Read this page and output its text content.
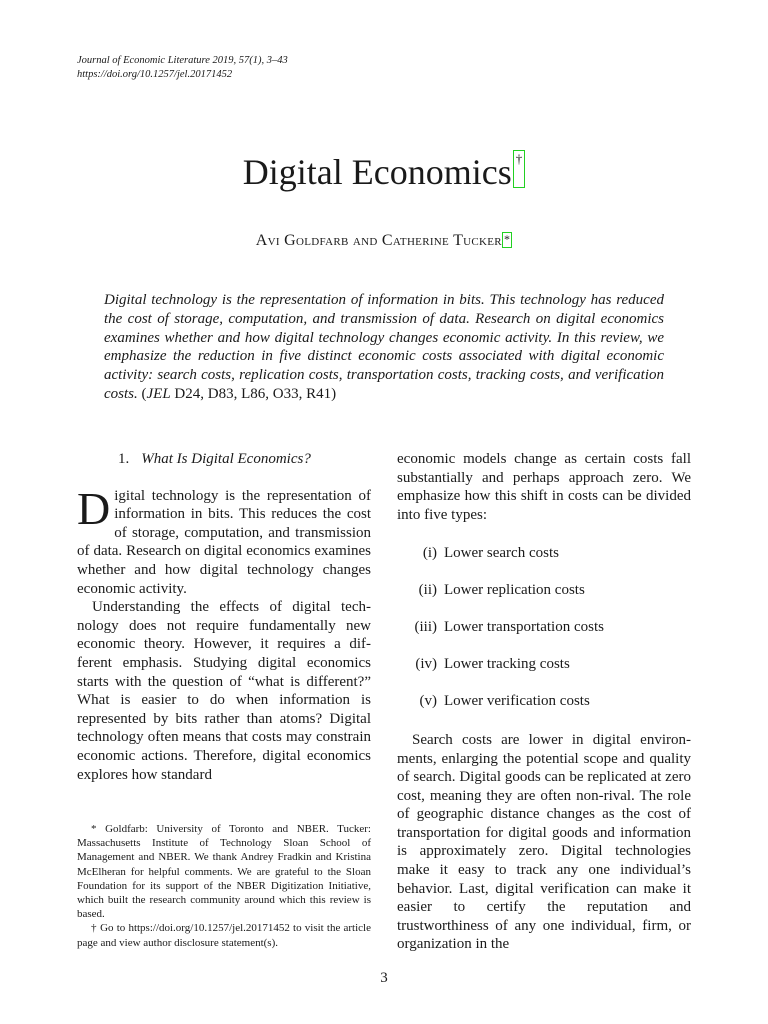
Journal of Economic Literature 2019, 57(1), 3–43
https://doi.org/10.1257/jel.20171452
Digital Economics †
Avi Goldfarb and Catherine Tucker *
Digital technology is the representation of information in bits. This technology has reduced the cost of storage, computation, and transmission of data. Research on digital economics examines whether and how digital technology changes economic activity. In this review, we emphasize the reduction in five distinct economic costs associated with digital economic activity: search costs, replication costs, transportation costs, tracking costs, and verification costs. (JEL D24, D83, L86, O33, R41)
1. What Is Digital Economics?

Digital technology is the representation of information in bits. This reduces the cost of storage, computation, and transmission of data. Research on digital economics examines whether and how digital technology changes economic activity.

Understanding the effects of digital technology does not require fundamentally new economic theory. However, it requires a different emphasis. Studying digital economics starts with the question of “what is different?” What is easier to do when information is represented by bits rather than atoms? Digital technology often means that costs may constrain economic actions. Therefore, digital economics explores how standard

economic models change as certain costs fall substantially and perhaps approach zero. We emphasize how this shift in costs can be divided into five types:

(i) Lower search costs
(ii) Lower replication costs
(iii) Lower transportation costs
(iv) Lower tracking costs
(v) Lower verification costs

Search costs are lower in digital environments, enlarging the potential scope and quality of search. Digital goods can be replicated at zero cost, meaning they are often non-rival. The role of geographic distance changes as the cost of transportation for digital goods and information is approximately zero. Digital technologies make it easy to track any one individual’s behavior. Last, digital verification can make it easier to certify the reputation and trustworthiness of any one individual, firm, or organization in the

* Goldfarb: University of Toronto and NBER. Tucker: Massachusetts Institute of Technology Sloan School of Management and NBER. We thank Andrey Fradkin and Kristina McElheran for helpful comments. We are grateful to the Sloan Foundation for its support of the NBER Digitization Initiative, which built the research community around which this review is based.

† Go to https://doi.org/10.1257/jel.20171452 to visit the article page and view author disclosure statement(s).

3
